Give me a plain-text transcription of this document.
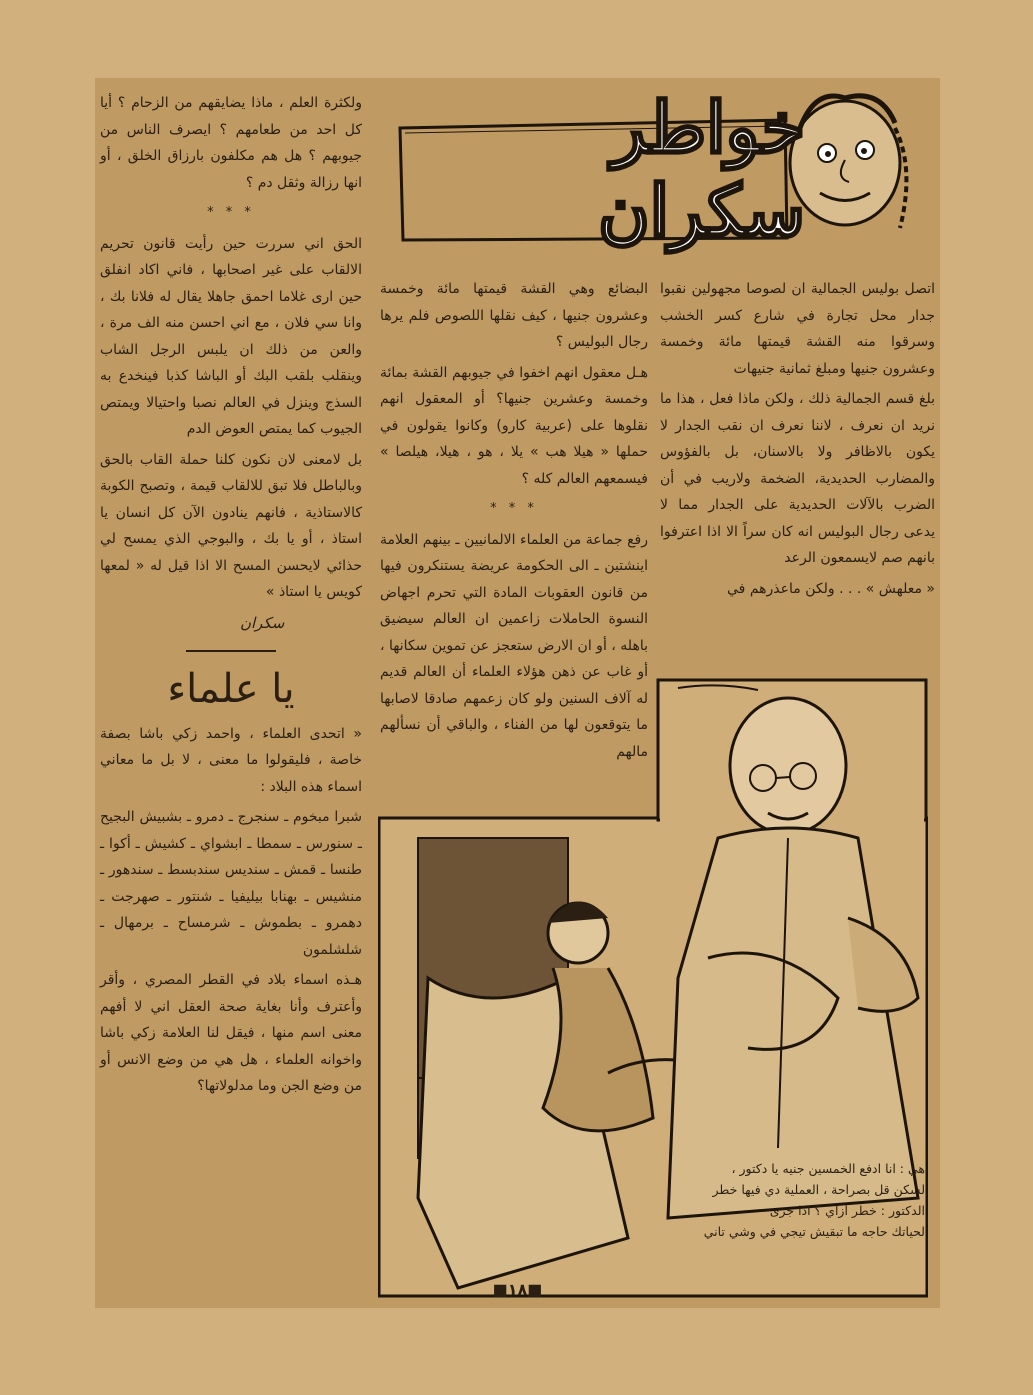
خواطر سكران

اتصل بوليس الجمالية ان لصوصا مجهولين نقبوا جدار محل تجارة في شارع كسر الخشب وسرقوا منه القشة قيمتها مائة وخمسة وعشرون جنيها ومبلغ ثمانية جنيهات

بلغ قسم الجمالية ذلك ، ولكن ماذا فعل ، هذا ما نريد ان نعرف ، لاننا نعرف ان نقب الجدار لا يكون بالاظافر ولا بالاسنان، بل بالفؤوس والمضارب الحديدية، الضخمة ولاريب في أن الضرب بالآلات الحديدية على الجدار مما لا يدعى رجال البوليس انه كان سراً الا اذا اعترفوا بانهم صم لايسمعون الرعد

« معلهش » . . . ولكن ماعذرهم في

البضائع وهي القشة قيمتها مائة وخمسة وعشرون جنيها ، كيف نقلها اللصوص فلم يرها رجال البوليس ؟

هـل معقول انهم اخفوا في جيوبهم القشة بمائة وخمسة وعشرين جنيها؟ أو المعقول انهم نقلوها على (عربية كارو) وكانوا يقولون في حملها « هيلا هب » يلا ، هو ، هيلا، هيلصا » فيسمعهم العالم كله ؟

* * *

رفع جماعة من العلماء الالمانيين ـ بينهم العلامة اينشتين ـ الى الحكومة عريضة يستنكرون فيها من قانون العقوبات المادة التي تحرم اجهاض النسوة الحاملات زاعمين ان العالم سيضيق باهله ، أو ان الارض ستعجز عن تموين سكانها ، أو غاب عن ذهن هؤلاء العلماء أن العالم قديم له آلاف السنين ولو كان زعمهم صادقا لاصابها ما يتوقعون لها من الفناء ، والباقي أن نسألهم مالهم

ولكثرة العلم ، ماذا يضايقهم من الزحام ؟ أيا كل احد من طعامهم ؟ ايصرف الناس من جيوبهم ؟ هل هم مكلفون بارزاق الخلق ، أو انها رزالة وثقل دم ؟

* * *

الحق اني سررت حين رأيت قانون تحريم الالقاب على غير اصحابها ، فاني اكاد انفلق حين ارى غلاما احمق جاهلا يقال له فلانا بك ، وانا سي فلان ، مع اني احسن منه الف مرة ، والعن من ذلك ان يلبس الرجل الشاب وينقلب بلقب البك أو الباشا كذبا فينخدع به السذج وينزل في العالم نصبا واحتيالا ويمتص الجيوب كما يمتص العوض الدم

بل لامعنى لان نكون كلنا حملة القاب بالحق وبالباطل فلا تبق للالقاب قيمة ، وتصبح الكوبة كالاستاذية ، فانهم ينادون الآن كل انسان يا استاذ ، أو يا بك ، والبوجي الذي يمسح لي حذائي لايحسن المسح الا اذا قيل له « لمعها كويس يا استاذ »

سكران
يا علماء

« اتحدى العلماء ، واحمد زكي باشا بصفة خاصة ، فليقولوا ما معنى ، لا بل ما معاني اسماء هذه البلاد :

شبرا مبخوم ـ سنجرج ـ دمرو ـ بشبيش البجيح ـ سنورس ـ سمطا ـ ابشواي ـ كشيش ـ أكوا ـ طنسا ـ قمش ـ سنديس سندبسط ـ سندهور ـ منشيس ـ بهنابا بيليفيا ـ شنتور ـ صهرجت ـ دهمرو ـ بطموش ـ شرمساح ـ برمهال ـ شلشلمون

هـذه اسماء بلاد في القطر المصري ، وأقر وأعترف وأنا بغاية صحة العقل اني لا أفهم معنى اسم منها ، فيقل لنا العلامة زكي باشا واخوانه العلماء ، هل هي من وضع الانس أو من وضع الجن وما مدلولاتها؟

هي : انا ادفع الخمسين جنيه يا دكتور ،
لسكن قل بصراحة ، العملية دي فيها خطر
الدكتور : خطر ازاي ؟ اذا جرى
لحياتك حاجه ما تبقيش تيجي في وشي تاني
■١٨■
